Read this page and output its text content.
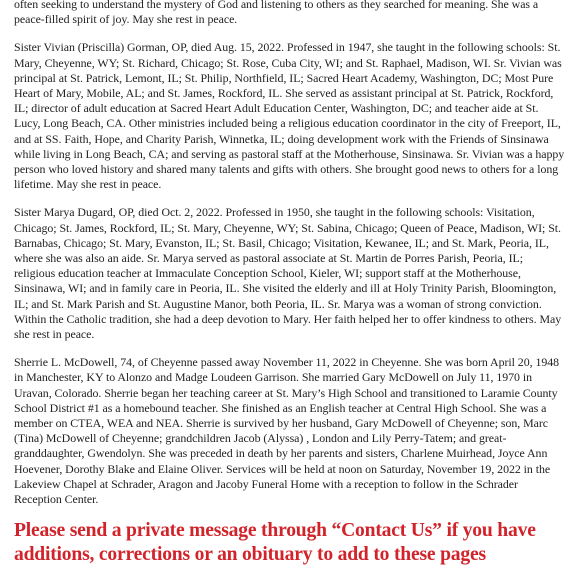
often seeking to understand the mystery of God and listening to others as they searched for meaning. She was a peace-filled spirit of joy. May she rest in peace.

Sister Vivian (Priscilla) Gorman, OP, died Aug. 15, 2022. Professed in 1947, she taught in the following schools: St. Mary, Cheyenne, WY; St. Richard, Chicago; St. Rose, Cuba City, WI; and St. Raphael, Madison, WI. Sr. Vivian was principal at St. Patrick, Lemont, IL; St. Philip, Northfield, IL; Sacred Heart Academy, Washington, DC; Most Pure Heart of Mary, Mobile, AL; and St. James, Rockford, IL. She served as assistant principal at St. Patrick, Rockford, IL; director of adult education at Sacred Heart Adult Education Center, Washington, DC; and teacher aide at St. Lucy, Long Beach, CA. Other ministries included being a religious education coordinator in the city of Freeport, IL, and at SS. Faith, Hope, and Charity Parish, Winnetka, IL; doing development work with the Friends of Sinsinawa while living in Long Beach, CA; and serving as pastoral staff at the Motherhouse, Sinsinawa. Sr. Vivian was a happy person who loved history and shared many talents and gifts with others. She brought good news to others for a long lifetime. May she rest in peace.

Sister Marya Dugard, OP, died Oct. 2, 2022. Professed in 1950, she taught in the following schools: Visitation, Chicago; St. James, Rockford, IL; St. Mary, Cheyenne, WY; St. Sabina, Chicago; Queen of Peace, Madison, WI; St. Barnabas, Chicago; St. Mary, Evanston, IL; St. Basil, Chicago; Visitation, Kewanee, IL; and St. Mark, Peoria, IL, where she was also an aide. Sr. Marya served as pastoral associate at St. Martin de Porres Parish, Peoria, IL; religious education teacher at Immaculate Conception School, Kieler, WI; support staff at the Motherhouse, Sinsinawa, WI; and in family care in Peoria, IL. She visited the elderly and ill at Holy Trinity Parish, Bloomington, IL; and St. Mark Parish and St. Augustine Manor, both Peoria, IL. Sr. Marya was a woman of strong conviction. Within the Catholic tradition, she had a deep devotion to Mary. Her faith helped her to offer kindness to others. May she rest in peace.

Sherrie L. McDowell, 74, of Cheyenne passed away November 11, 2022 in Cheyenne. She was born April 20, 1948 in Manchester, KY to Alonzo and Madge Loudeen Garrison. She married Gary McDowell on July 11, 1970 in Uravan, Colorado. Sherrie began her teaching career at St. Mary’s High School and transitioned to Laramie County School District #1 as a homebound teacher. She finished as an English teacher at Central High School. She was a member on CTEA, WEA and NEA. Sherrie is survived by her husband, Gary McDowell of Cheyenne; son, Marc (Tina) McDowell of Cheyenne; grandchildren Jacob (Alyssa) , London and Lily Perry-Tatem; and great-granddaughter, Gwendolyn. She was preceded in death by her parents and sisters, Charlene Muirhead, Joyce Ann Hoevener, Dorothy Blake and Elaine Oliver. Services will be held at noon on Saturday, November 19, 2022 in the Lakeview Chapel at Schrader, Aragon and Jacoby Funeral Home with a reception to follow in the Schrader Reception Center.

Please send a private message through “Contact Us” if you have additions, corrections or an obituary to add to these pages
